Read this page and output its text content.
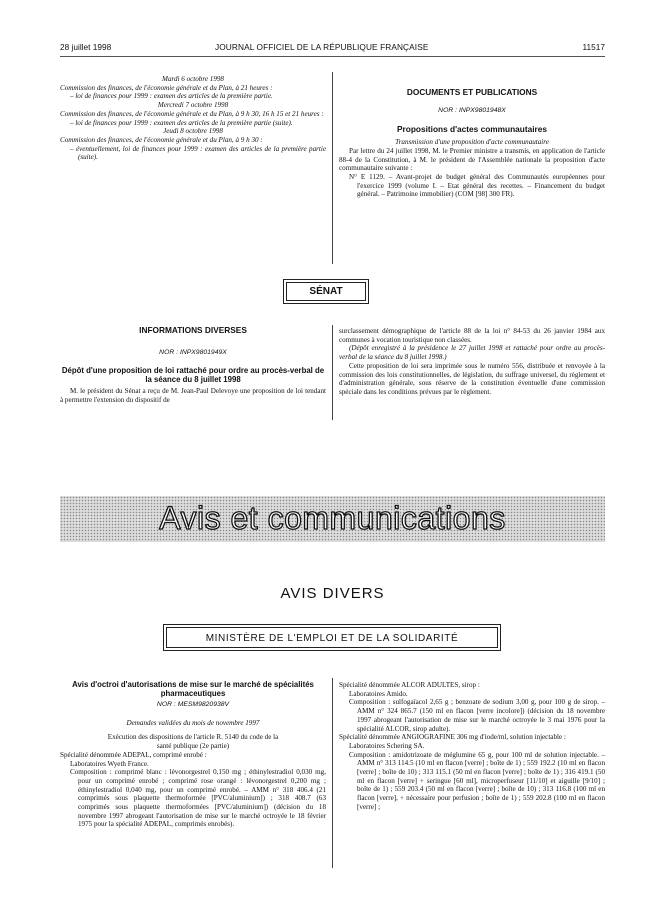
28 juillet 1998	JOURNAL OFFICIEL DE LA RÉPUBLIQUE FRANÇAISE	11517

Mardi 6 octobre 1998

Commission des finances, de l'économie générale et du Plan, à 21 heures :

– loi de finances pour 1999 : examen des articles de la première partie.

Mercredi 7 octobre 1998

Commission des finances, de l'économie générale et du Plan, à 9 h 30, 16 h 15 et 21 heures :

– loi de finances pour 1999 : examen des articles de la première partie (suite).

Jeudi 8 octobre 1998

Commission des finances, de l'économie générale et du Plan, à 9 h 30 :

– éventuellement, loi de finances pour 1999 : examen des articles de la première partie (suite).

DOCUMENTS ET PUBLICATIONS

NOR : INPX9801948X

Propositions d'actes communautaires

Transmission d'une proposition d'acte communautaire

Par lettre du 24 juillet 1998, M. le Premier ministre a transmis, en application de l'article 88-4 de la Constitution, à M. le président de l'Assemblée nationale la proposition d'acte communautaire suivante :

N° E 1129. – Avant-projet de budget général des Communautés européennes pour l'exercice 1999 (volume I. – Etat général des recettes. – Financement du budget général. – Patrimoine immobilier) (COM [98] 300 FR).

SÉNAT

INFORMATIONS DIVERSES

NOR : INPX9801949X

Dépôt d'une proposition de loi rattaché pour ordre au procès-verbal de la séance du 8 juillet 1998

M. le président du Sénat a reçu de M. Jean-Paul Delevoye une proposition de loi tendant à permettre l'extension du dispositif de

surclassement démographique de l'article 88 de la loi n° 84-53 du 26 janvier 1984 aux communes à vocation touristique non classées.

(Dépôt enregistré à la présidence le 27 juillet 1998 et rattaché pour ordre au procès-verbal de la séance du 8 juillet 1998.)

Cette proposition de loi sera imprimée sous le numéro 556, distribuée et renvoyée à la commission des lois constitutionnelles, de législation, du suffrage universel, du règlement et d'administration générale, sous réserve de la constitution éventuelle d'une commission spéciale dans les conditions prévues par le règlement.

Avis et communications
AVIS DIVERS
MINISTÈRE DE L'EMPLOI ET DE LA SOLIDARITÉ

Avis d'octroi d'autorisations de mise sur le marché de spécialités pharmaceutiques

NOR : MESM9820938V

Demandes validées du mois de novembre 1997

Exécution des dispositions de l'article R. 5140 du code de la santé publique (2e partie)

Spécialité dénommée ADEPAL, comprimé enrobé :

Laboratoires Wyeth France.

Composition : comprimé blanc : lévonorgestrel 0,150 mg ; éthinylestradiol 0,030 mg, pour un comprimé enrobé ; comprimé rose orangé : lévonorgestrel 0,200 mg ; éthinylestradiol 0,040 mg, pour un comprimé enrobé. – AMM n° 318 406.4 (21 comprimés sous plaquette thermoformée [PVC/aluminium]) ; 318 408.7 (63 comprimés sous plaquette thermoformées [PVC/aluminium]) (décision du 18 novembre 1997 abrogeant l'autorisation de mise sur le marché octroyée le 18 février 1975 pour la spécialité ADEPAL, comprimés enrobés).

Spécialité dénommée ALCOR ADULTES, sirop :

Laboratoires Amido.

Composition : sulfogaïacol 2,65 g ; benzoate de sodium 3,00 g, pour 100 g de sirop. – AMM n° 324 865.7 (150 ml en flacon [verre incolore]) (décision du 18 novembre 1997 abrogeant l'autorisation de mise sur le marché octroyée le 3 mai 1976 pour la spécialité ALCOR, sirop adulte).

Spécialité dénommée ANGIOGRAFINE 306 mg d'iode/ml, solution injectable :

Laboratoires Schering SA.

Composition : amidotrizoate de méglumine 65 g, pour 100 ml de solution injectable. – AMM n° 313 114.5 (10 ml en flacon [verre] ; boîte de 1) ; 559 192.2 (10 ml en flacon [verre] ; boîte de 10) ; 313 115.1 (50 ml en flacon [verre] ; boîte de 1) ; 316 419.1 (50 ml en flacon [verre] + seringue [60 ml], microperfuseur [11/10] et aiguille [9/10] ; boîte de 1) ; 559 203.4 (50 ml en flacon [verre] ; boîte de 10) ; 313 116.8 (100 ml en flacon [verre], + nécessaire pour perfusion ; boîte de 1) ; 559 202.8 (100 ml en flacon [verre] ;
